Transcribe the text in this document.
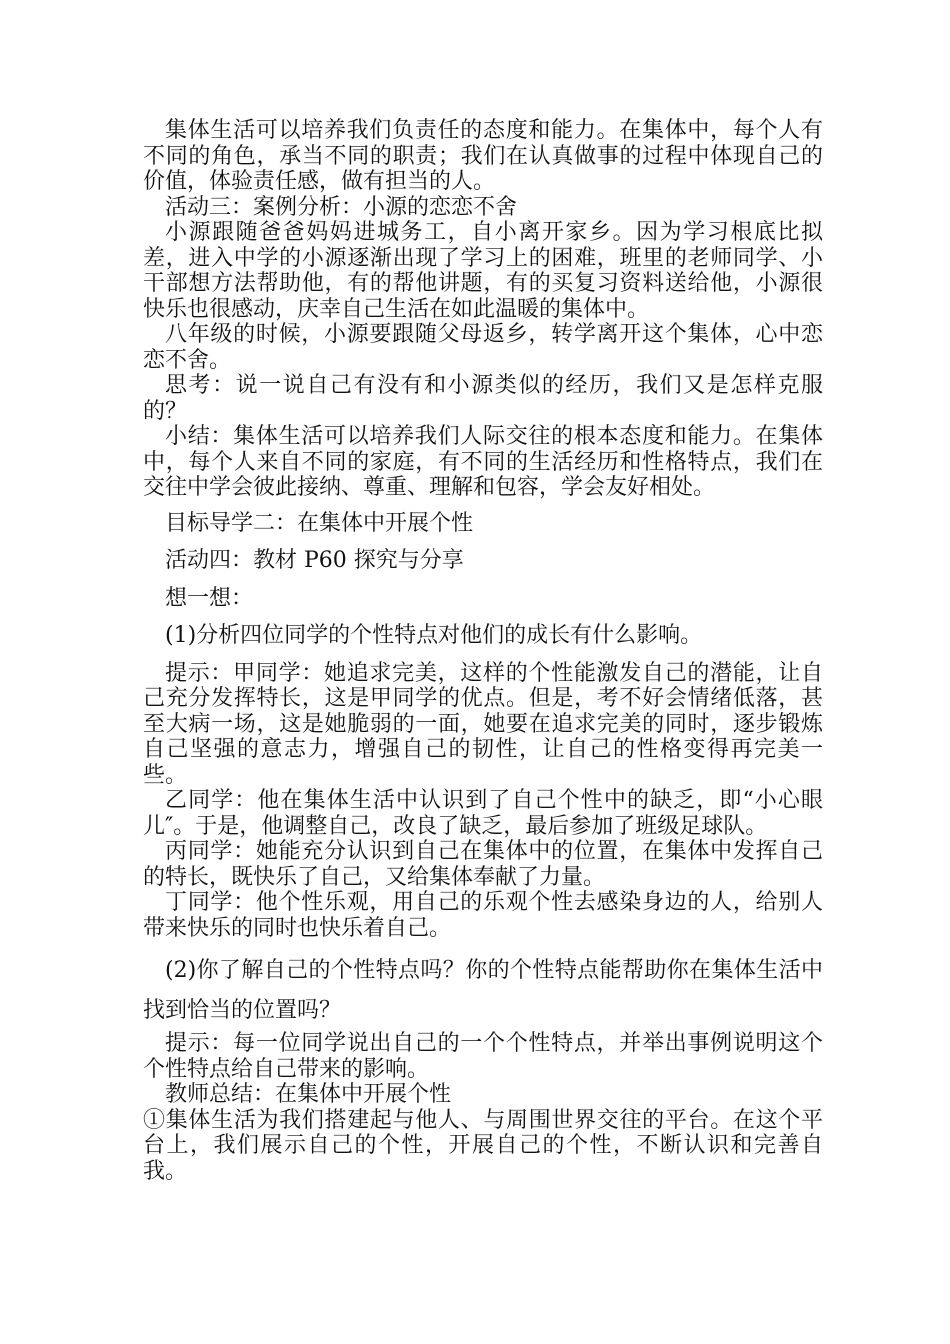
集体生活可以培养我们负责任的态度和能力。在集体中，每个人有不同的角色，承当不同的职责；我们在认真做事的过程中体现自己的价值，体验责任感，做有担当的人。

活动三：案例分析：小源的恋恋不舍

小源跟随爸爸妈妈进城务工，自小离开家乡。因为学习根底比拟差，进入中学的小源逐渐出现了学习上的困难，班里的老师同学、小干部想方法帮助他，有的帮他讲题，有的买复习资料送给他，小源很快乐也很感动，庆幸自己生活在如此温暖的集体中。

八年级的时候，小源要跟随父母返乡，转学离开这个集体，心中恋恋不舍。

思考：说一说自己有没有和小源类似的经历，我们又是怎样克服的？

小结：集体生活可以培养我们人际交往的根本态度和能力。在集体中，每个人来自不同的家庭，有不同的生活经历和性格特点，我们在交往中学会彼此接纳、尊重、理解和包容，学会友好相处。

目标导学二：在集体中开展个性

活动四：教材 P60 探究与分享

想一想：

(1)分析四位同学的个性特点对他们的成长有什么影响。

提示：甲同学：她追求完美，这样的个性能激发自己的潜能，让自己充分发挥特长，这是甲同学的优点。但是，考不好会情绪低落，甚至大病一场，这是她脆弱的一面，她要在追求完美的同时，逐步锻炼自己坚强的意志力，增强自己的韧性，让自己的性格变得再完美一些。

乙同学：他在集体生活中认识到了自己个性中的缺乏，即“小心眼儿″。于是，他调整自己，改良了缺乏，最后参加了班级足球队。

丙同学：她能充分认识到自己在集体中的位置，在集体中发挥自己的特长，既快乐了自己，又给集体奉献了力量。

丁同学：他个性乐观，用自己的乐观个性去感染身边的人，给别人带来快乐的同时也快乐着自己。

(2)你了解自己的个性特点吗？你的个性特点能帮助你在集体生活中找到恰当的位置吗？

提示：每一位同学说出自己的一个个性特点，并举出事例说明这个个性特点给自己带来的影响。

教师总结：在集体中开展个性

①集体生活为我们搭建起与他人、与周围世界交往的平台。在这个平台上，我们展示自己的个性，开展自己的个性，不断认识和完善自我。
